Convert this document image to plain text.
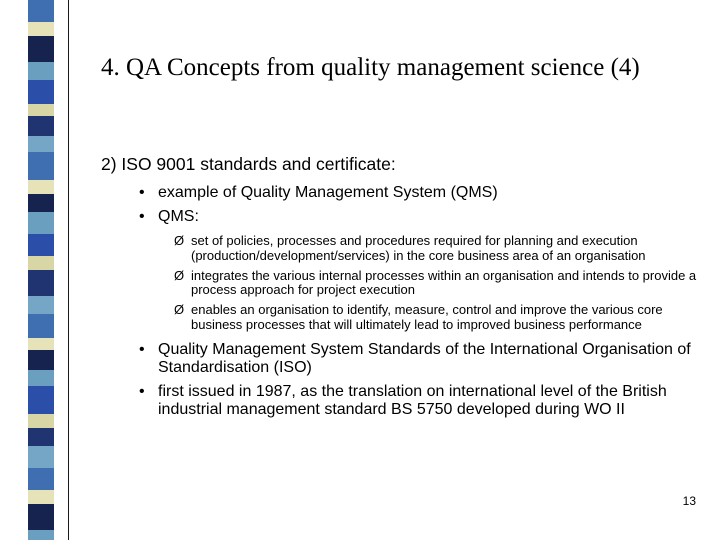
4. QA Concepts from quality management science (4)

2) ISO 9001 standards and certificate:

• example of Quality Management System (QMS)
• QMS:
Ø set of policies, processes and procedures required for planning and execution (production/development/services) in the core business area of an organisation
Ø integrates the various internal processes within an organisation and intends to provide a process approach for project execution
Ø enables an organisation to identify, measure, control and improve the various core business processes that will ultimately lead to improved business performance
• Quality Management System Standards of the International Organisation of Standardisation (ISO)
• first issued in 1987, as the translation on international level of the British industrial management standard BS 5750 developed during WO II
13
